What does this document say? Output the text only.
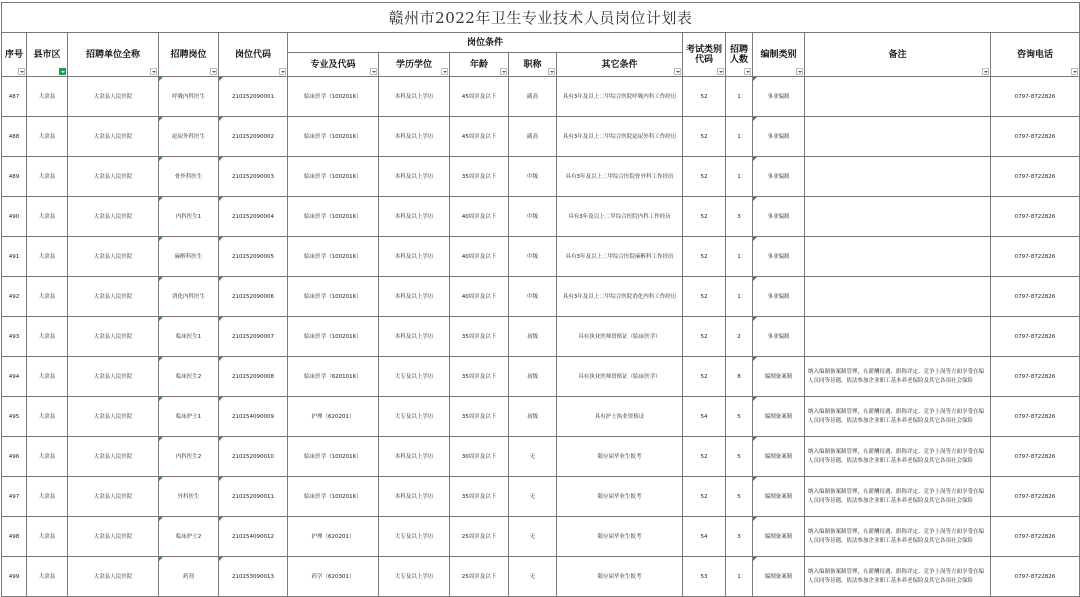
赣州市2022年卫生专业技术人员岗位计划表														

序号	县市区	招聘单位全称	招聘岗位	岗位代码	岗位条件					考试类别代码	招聘人数	编制类别	备注	咨询电话

					专业及代码	学历学位	年龄	职称	其它条件					

487	大余县	大余县人民医院	呼吸内科医生	210152090001	临床医学（100201K）	本科及以上学历	45周岁及以下	副高	具有3年及以上二甲综合医院呼吸内科工作经历	52	1	事业编制		0797-8722826
488	大余县	大余县人民医院	泌尿外科医生	210152090002	临床医学（100201K）	本科及以上学历	45周岁及以下	副高	具有3年及以上二甲综合医院泌尿外科工作经历	52	1	事业编制		0797-8722826
489	大余县	大余县人民医院	骨外科医生	210152090003	临床医学（100201K）	本科及以上学历	35周岁及以下	中级	具有3年及以上二甲综合医院骨外科工作经历	52	1	事业编制		0797-8722826
490	大余县	大余县人民医院	内科医生1	210152090004	临床医学（100201K）	本科及以上学历	40周岁及以下	中级	具有3年及以上二甲综合医院内科工作经历	52	3	事业编制		0797-8722826
491	大余县	大余县人民医院	麻醉科医生	210152090005	临床医学（100201K）	本科及以上学历	40周岁及以下	中级	具有3年及以上二甲综合医院麻醉科工作经历	52	1	事业编制		0797-8722826
492	大余县	大余县人民医院	消化内科医生	210152090006	临床医学（100201K）	本科及以上学历	40周岁及以下	中级	具有3年及以上二甲综合医院消化内科工作经历	52	1	事业编制		0797-8722826
493	大余县	大余县人民医院	临床医生1	210152090007	临床医学（100201K）	本科及以上学历	35周岁及以下	初级	具有执业医师资格证（临床医学）	52	2	事业编制		0797-8722826
494	大余县	大余县人民医院	临床医生2	210152090008	临床医学（620101K）	大专及以上学历	35周岁及以下	初级	具有执业医师资格证（临床医学）	52	8	编制备案制	纳入编制备案制管理，在薪酬待遇、职称评定、竞争上岗等方面享受在编人员同等待遇，依法参加企业职工基本养老保险及其它各项社会保险	0797-8722826
495	大余县	大余县人民医院	临床护士1	210154090009	护理（620201）	大专及以上学历	35周岁及以下	初级	具有护士执业资格证	54	5	编制备案制	纳入编制备案制管理，在薪酬待遇、职称评定、竞争上岗等方面享受在编人员同等待遇，依法参加企业职工基本养老保险及其它各项社会保险	0797-8722826
496	大余县	大余县人民医院	内科医生2	210152090010	临床医学（100201K）	本科及以上学历	30周岁及以下	无	限应届毕业生报考	52	5	编制备案制	纳入编制备案制管理，在薪酬待遇、职称评定、竞争上岗等方面享受在编人员同等待遇，依法参加企业职工基本养老保险及其它各项社会保险	0797-8722826
497	大余县	大余县人民医院	外科医生	210152090011	临床医学（100201K）	本科及以上学历	35周岁及以下	无	限应届毕业生报考	52	5	编制备案制	纳入编制备案制管理，在薪酬待遇、职称评定、竞争上岗等方面享受在编人员同等待遇，依法参加企业职工基本养老保险及其它各项社会保险	0797-8722826
498	大余县	大余县人民医院	临床护士2	210154090012	护理（620201）	大专及以上学历	25周岁及以下	无	限应届毕业生报考	54	3	编制备案制	纳入编制备案制管理，在薪酬待遇、职称评定、竞争上岗等方面享受在编人员同等待遇，依法参加企业职工基本养老保险及其它各项社会保险	0797-8722826
499	大余县	大余县人民医院	药剂	210153090013	药学（620301）	大专及以上学历	25周岁及以下	无	限应届毕业生报考	53	1	编制备案制	纳入编制备案制管理，在薪酬待遇、职称评定、竞争上岗等方面享受在编人员同等待遇，依法参加企业职工基本养老保险及其它各项社会保险	0797-8722826
